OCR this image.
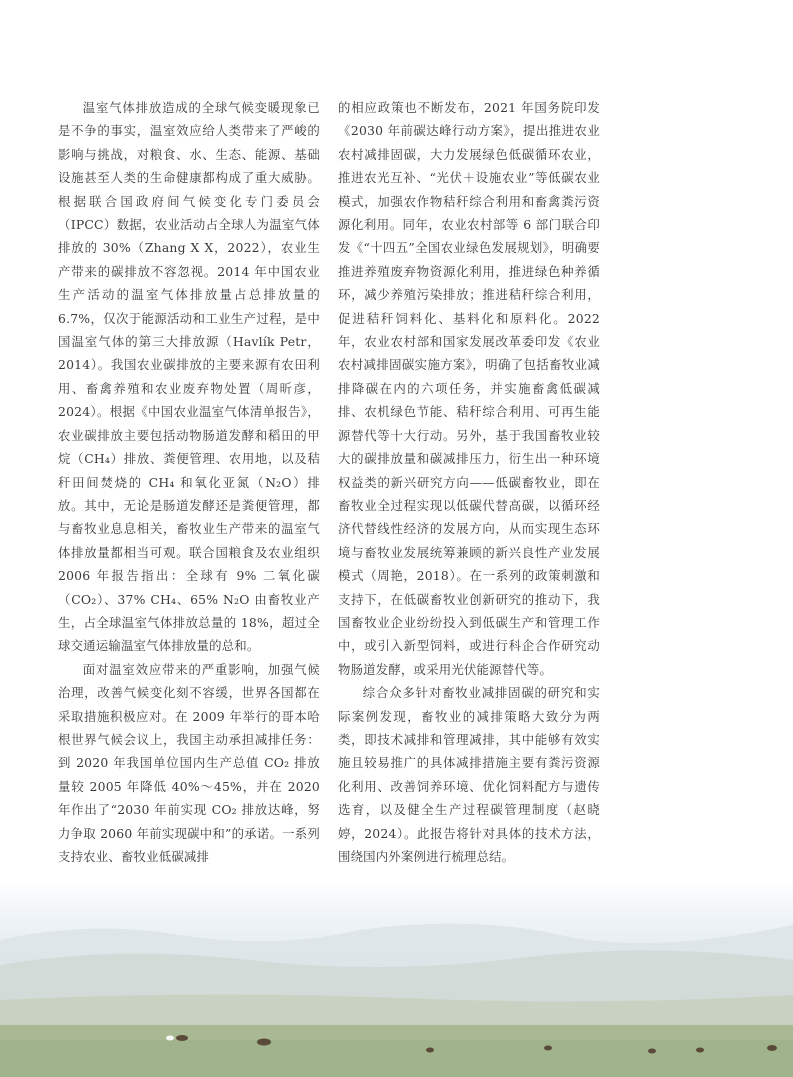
温室气体排放造成的全球气候变暖现象已是不争的事实，温室效应给人类带来了严峻的影响与挑战，对粮食、水、生态、能源、基础设施甚至人类的生命健康都构成了重大威胁。根据联合国政府间气候变化专门委员会（IPCC）数据，农业活动占全球人为温室气体排放的 30%（Zhang X X，2022），农业生产带来的碳排放不容忽视。2014 年中国农业生产活动的温室气体排放量占总排放量的 6.7%，仅次于能源活动和工业生产过程，是中国温室气体的第三大排放源（Havlík Petr，2014）。我国农业碳排放的主要来源有农田利用、畜禽养殖和农业废弃物处置（周昕彦，2024）。根据《中国农业温室气体清单报告》，农业碳排放主要包括动物肠道发酵和稻田的甲烷（CH₄）排放、粪便管理、农用地，以及秸秆田间焚烧的 CH₄ 和氧化亚氮（N₂O）排放。其中，无论是肠道发酵还是粪便管理，都与畜牧业息息相关，畜牧业生产带来的温室气体排放量都相当可观。联合国粮食及农业组织 2006 年报告指出：全球有 9% 二氧化碳（CO₂）、37% CH₄、65% N₂O 由畜牧业产生，占全球温室气体排放总量的 18%，超过全球交通运输温室气体排放量的总和。

面对温室效应带来的严重影响，加强气候治理，改善气候变化刻不容缓，世界各国都在采取措施积极应对。在 2009 年举行的哥本哈根世界气候会议上，我国主动承担减排任务：到 2020 年我国单位国内生产总值 CO₂ 排放量较 2005 年降低 40%～45%，并在 2020 年作出了“2030 年前实现 CO₂ 排放达峰，努力争取 2060 年前实现碳中和”的承诺。一系列支持农业、畜牧业低碳减排

的相应政策也不断发布，2021 年国务院印发《2030 年前碳达峰行动方案》，提出推进农业农村减排固碳，大力发展绿色低碳循环农业，推进农光互补、“光伏＋设施农业”等低碳农业模式，加强农作物秸秆综合利用和畜禽粪污资源化利用。同年，农业农村部等 6 部门联合印发《“十四五”全国农业绿色发展规划》，明确要推进养殖废弃物资源化利用，推进绿色种养循环，减少养殖污染排放；推进秸秆综合利用，促进秸秆饲料化、基料化和原料化。2022 年，农业农村部和国家发展改革委印发《农业农村减排固碳实施方案》，明确了包括畜牧业减排降碳在内的六项任务，并实施畜禽低碳减排、农机绿色节能、秸秆综合利用、可再生能源替代等十大行动。另外，基于我国畜牧业较大的碳排放量和碳减排压力，衍生出一种环境权益类的新兴研究方向——低碳畜牧业，即在畜牧业全过程实现以低碳代替高碳，以循环经济代替线性经济的发展方向，从而实现生态环境与畜牧业发展统筹兼顾的新兴良性产业发展模式（周艳，2018）。在一系列的政策刺激和支持下，在低碳畜牧业创新研究的推动下，我国畜牧业企业纷纷投入到低碳生产和管理工作中，或引入新型饲料，或进行科企合作研究动物肠道发酵，或采用光伏能源替代等。

综合众多针对畜牧业减排固碳的研究和实际案例发现，畜牧业的减排策略大致分为两类，即技术减排和管理减排，其中能够有效实施且较易推广的具体减排措施主要有粪污资源化利用、改善饲养环境、优化饲料配方与遗传选育，以及健全生产过程碳管理制度（赵晓婷，2024）。此报告将针对具体的技术方法，围绕国内外案例进行梳理总结。
